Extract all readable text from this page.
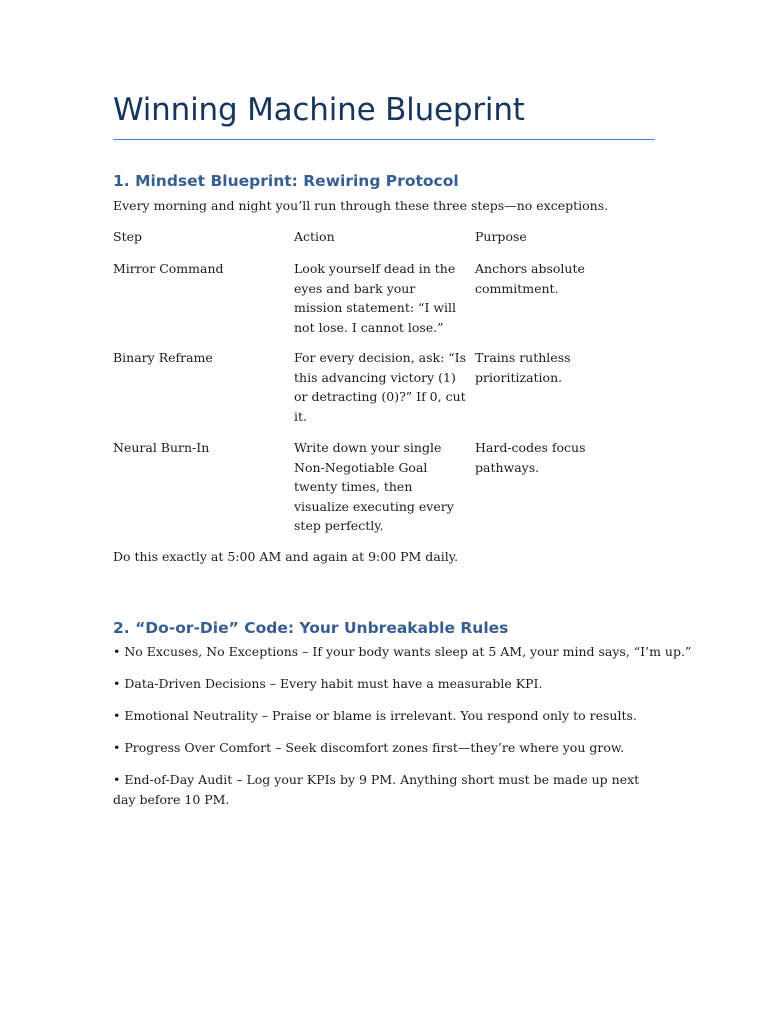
Winning Machine Blueprint
1. Mindset Blueprint: Rewiring Protocol

Every morning and night you’ll run through these three steps—no exceptions.

Step	Action	Purpose

Mirror Command	Look yourself dead in the eyes and bark your mission statement: “I will not lose. I cannot lose.”	Anchors absolute commitment.

Binary Reframe	For every decision, ask: “Is this advancing victory (1) or detracting (0)?” If 0, cut it.	Trains ruthless prioritization.

Neural Burn-In	Write down your single Non-Negotiable Goal twenty times, then visualize executing every step perfectly.	Hard-codes focus pathways.

Do this exactly at 5:00 AM and again at 9:00 PM daily.

2. “Do-or-Die” Code: Your Unbreakable Rules

• No Excuses, No Exceptions – If your body wants sleep at 5 AM, your mind says, “I’m up.”

• Data-Driven Decisions – Every habit must have a measurable KPI.

• Emotional Neutrality – Praise or blame is irrelevant. You respond only to results.

• Progress Over Comfort – Seek discomfort zones first—they’re where you grow.

• End-of-Day Audit – Log your KPIs by 9 PM. Anything short must be made up next day before 10 PM.
